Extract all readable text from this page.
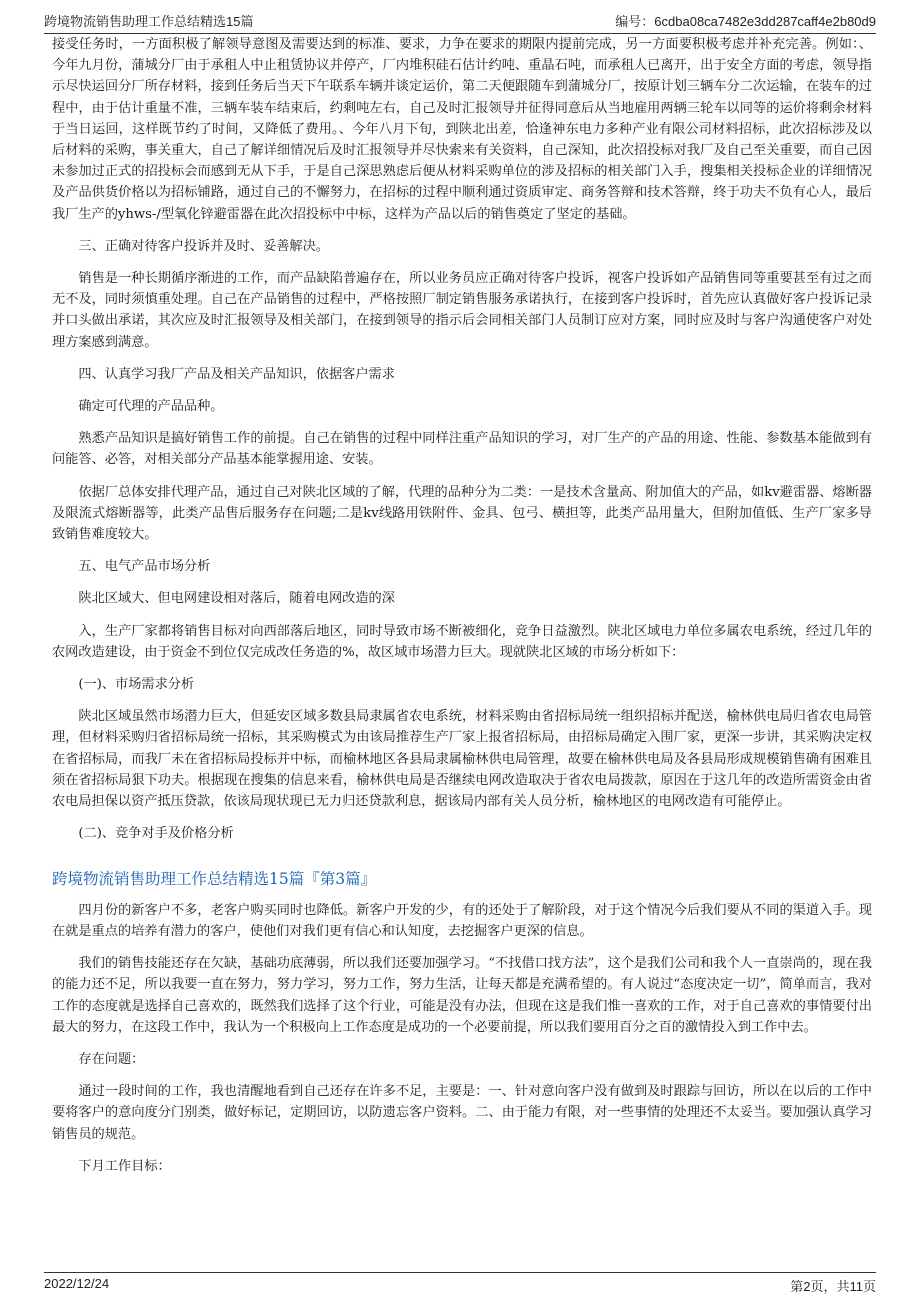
跨境物流销售助理工作总结精选15篇	编号：6cdba08ca7482e3dd287caff4e2b80d9

接受任务时，一方面积极了解领导意图及需要达到的标准、要求，力争在要求的期限内提前完成，另一方面要积极考虑并补充完善。例如：、今年九月份，蒲城分厂由于承租人中止租赁协议并停产，厂内堆积硅石估计约吨、重晶石吨，而承租人已离开，出于安全方面的考虑，领导指示尽快运回分厂所存材料，接到任务后当天下午联系车辆并谈定运价，第二天便跟随车到蒲城分厂，按原计划三辆车分二次运输，在装车的过程中，由于估计重量不准，三辆车装车结束后，约剩吨左右，自己及时汇报领导并征得同意后从当地雇用两辆三轮车以同等的运价将剩余材料于当日运回，这样既节约了时间，又降低了费用。、今年八月下旬，到陕北出差，恰逢神东电力多种产业有限公司材料招标，此次招标涉及以后材料的采购，事关重大，自己了解详细情况后及时汇报领导并尽快索来有关资料，自己深知，此次招投标对我厂及自己至关重要，而自己因未参加过正式的招投标会而感到无从下手，于是自己深思熟虑后便从材料采购单位的涉及招标的相关部门入手，搜集相关投标企业的详细情况及产品供货价格以为招标铺路，通过自己的不懈努力，在招标的过程中顺利通过资质审定、商务答辩和技术答辩，终于功夫不负有心人，最后我厂生产的yhws-/型氧化锌避雷器在此次招投标中中标，这样为产品以后的销售奠定了坚定的基础。

三、正确对待客户投诉并及时、妥善解决。

销售是一种长期循序渐进的工作，而产品缺陷普遍存在，所以业务员应正确对待客户投诉，视客户投诉如产品销售同等重要甚至有过之而无不及，同时须慎重处理。自己在产品销售的过程中，严格按照厂制定销售服务承诺执行，在接到客户投诉时，首先应认真做好客户投诉记录并口头做出承诺，其次应及时汇报领导及相关部门，在接到领导的指示后会同相关部门人员制订应对方案，同时应及时与客户沟通使客户对处理方案感到满意。

四、认真学习我厂产品及相关产品知识，依据客户需求

确定可代理的产品品种。

熟悉产品知识是搞好销售工作的前提。自己在销售的过程中同样注重产品知识的学习，对厂生产的产品的用途、性能、参数基本能做到有问能答、必答，对相关部分产品基本能掌握用途、安装。

依据厂总体安排代理产品，通过自己对陕北区域的了解，代理的品种分为二类：一是技术含量高、附加值大的产品，如kv避雷器、熔断器及限流式熔断器等，此类产品售后服务存在问题;二是kv线路用铁附件、金具、包弓、横担等，此类产品用量大，但附加值低、生产厂家多导致销售难度较大。

五、电气产品市场分析

陕北区域大、但电网建设相对落后，随着电网改造的深

入，生产厂家都将销售目标对向西部落后地区，同时导致市场不断被细化，竞争日益激烈。陕北区域电力单位多属农电系统，经过几年的农网改造建设，由于资金不到位仅完成改任务造的%，故区域市场潜力巨大。现就陕北区域的市场分析如下：

(一)、市场需求分析

陕北区域虽然市场潜力巨大，但延安区域多数县局隶属省农电系统，材料采购由省招标局统一组织招标并配送，榆林供电局归省农电局管理，但材料采购归省招标局统一招标，其采购模式为由该局推荐生产厂家上报省招标局，由招标局确定入围厂家，更深一步讲，其采购决定权在省招标局，而我厂未在省招标局投标并中标，而榆林地区各县局隶属榆林供电局管理，故要在榆林供电局及各县局形成规模销售确有困难且须在省招标局狠下功夫。根据现在搜集的信息来看，榆林供电局是否继续电网改造取决于省农电局拨款，原因在于这几年的改造所需资金由省农电局担保以资产抵压贷款，依该局现状现已无力归还贷款利息，据该局内部有关人员分析，榆林地区的电网改造有可能停止。

(二)、竞争对手及价格分析

跨境物流销售助理工作总结精选15篇『第3篇』

四月份的新客户不多，老客户购买同时也降低。新客户开发的少，有的还处于了解阶段，对于这个情况今后我们要从不同的渠道入手。现在就是重点的培养有潜力的客户，使他们对我们更有信心和认知度，去挖掘客户更深的信息。

我们的销售技能还存在欠缺，基础功底薄弱，所以我们还要加强学习。“不找借口找方法”，这个是我们公司和我个人一直崇尚的，现在我的能力还不足，所以我要一直在努力，努力学习，努力工作，努力生活，让每天都是充满希望的。有人说过“态度决定一切”，简单而言，我对工作的态度就是选择自己喜欢的，既然我们选择了这个行业，可能是没有办法，但现在这是我们惟一喜欢的工作，对于自己喜欢的事情要付出最大的努力，在这段工作中，我认为一个积极向上工作态度是成功的一个必要前提，所以我们要用百分之百的激情投入到工作中去。

存在问题：

通过一段时间的工作，我也清醒地看到自己还存在许多不足，主要是：一、针对意向客户没有做到及时跟踪与回访，所以在以后的工作中要将客户的意向度分门别类，做好标记，定期回访，以防遗忘客户资料。二、由于能力有限，对一些事情的处理还不太妥当。要加强认真学习销售员的规范。

下月工作目标：

2022/12/24	第2页，共11页
